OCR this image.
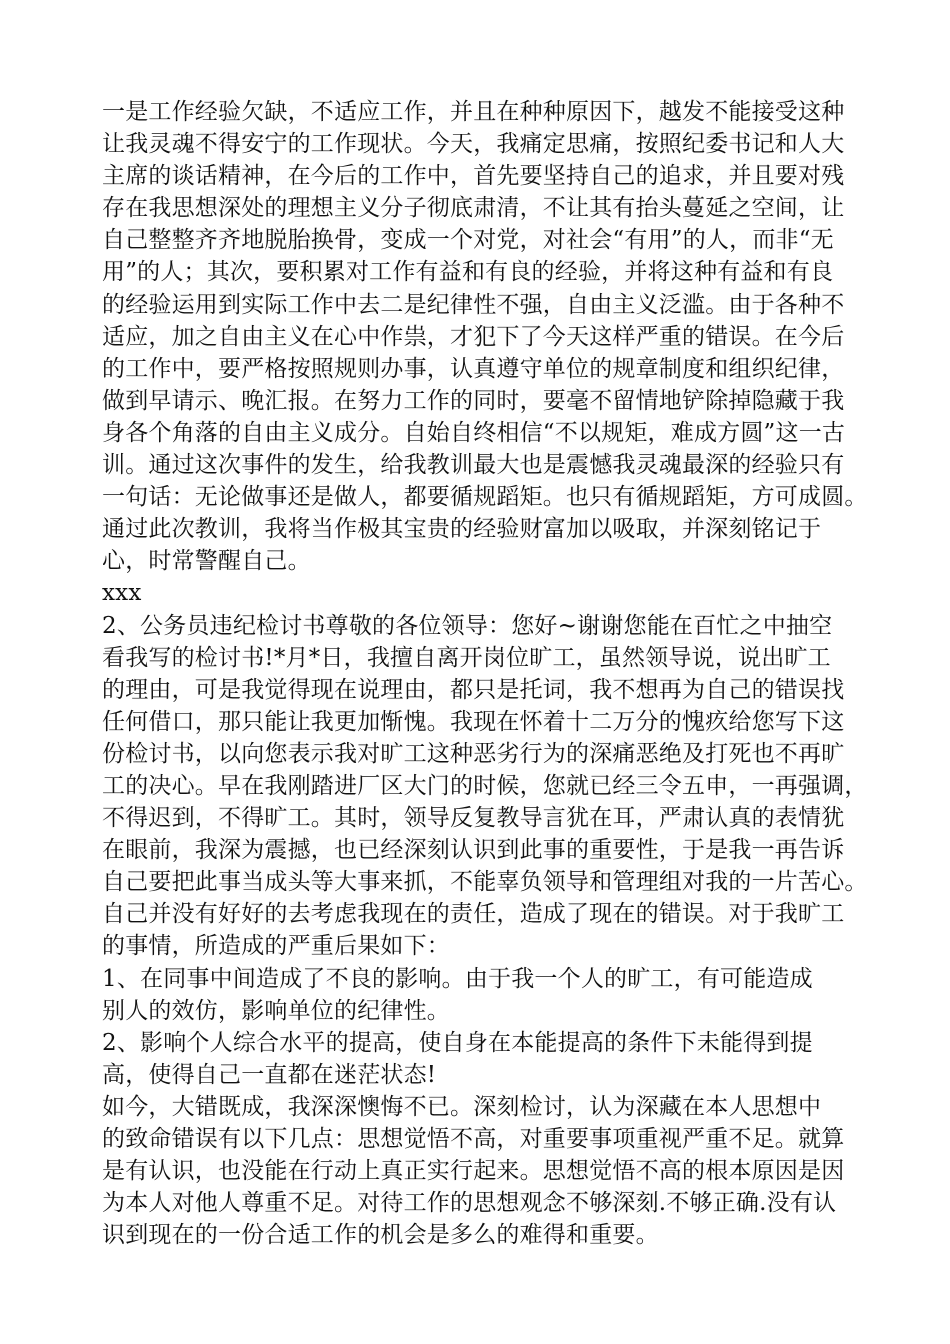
一是工作经验欠缺，不适应工作，并且在种种原因下，越发不能接受这种
让我灵魂不得安宁的工作现状。今天，我痛定思痛，按照纪委书记和人大
主席的谈话精神，在今后的工作中，首先要坚持自己的追求，并且要对残
存在我思想深处的理想主义分子彻底肃清，不让其有抬头蔓延之空间，让
自己整整齐齐地脱胎换骨，变成一个对党，对社会“有用”的人，而非“无
用”的人；其次，要积累对工作有益和有良的经验，并将这种有益和有良
的经验运用到实际工作中去二是纪律性不强，自由主义泛滥。由于各种不
适应，加之自由主义在心中作祟，才犯下了今天这样严重的错误。在今后
的工作中，要严格按照规则办事，认真遵守单位的规章制度和组织纪律，
做到早请示、晚汇报。在努力工作的同时，要毫不留情地铲除掉隐藏于我
身各个角落的自由主义成分。自始自终相信“不以规矩，难成方圆”这一古
训。通过这次事件的发生，给我教训最大也是震憾我灵魂最深的经验只有
一句话：无论做事还是做人，都要循规蹈矩。也只有循规蹈矩，方可成圆。
通过此次教训，我将当作极其宝贵的经验财富加以吸取，并深刻铭记于
心，时常警醒自己。
xxx
2、公务员违纪检讨书尊敬的各位领导：您好~谢谢您能在百忙之中抽空
看我写的检讨书!*月*日，我擅自离开岗位旷工，虽然领导说，说出旷工
的理由，可是我觉得现在说理由，都只是托词，我不想再为自己的错误找
任何借口，那只能让我更加惭愧。我现在怀着十二万分的愧疚给您写下这
份检讨书，以向您表示我对旷工这种恶劣行为的深痛恶绝及打死也不再旷
工的决心。早在我刚踏进厂区大门的时候，您就已经三令五申，一再强调，
不得迟到，不得旷工。其时，领导反复教导言犹在耳，严肃认真的表情犹
在眼前，我深为震撼，也已经深刻认识到此事的重要性，于是我一再告诉
自己要把此事当成头等大事来抓，不能辜负领导和管理组对我的一片苦心。
自己并没有好好的去考虑我现在的责任，造成了现在的错误。对于我旷工
的事情，所造成的严重后果如下：
1、在同事中间造成了不良的影响。由于我一个人的旷工，有可能造成
别人的效仿，影响单位的纪律性。
2、影响个人综合水平的提高，使自身在本能提高的条件下未能得到提
高，使得自己一直都在迷茫状态!
如今，大错既成，我深深懊悔不已。深刻检讨，认为深藏在本人思想中
的致命错误有以下几点：思想觉悟不高，对重要事项重视严重不足。就算
是有认识，也没能在行动上真正实行起来。思想觉悟不高的根本原因是因
为本人对他人尊重不足。对待工作的思想观念不够深刻.不够正确.没有认
识到现在的一份合适工作的机会是多么的难得和重要。
